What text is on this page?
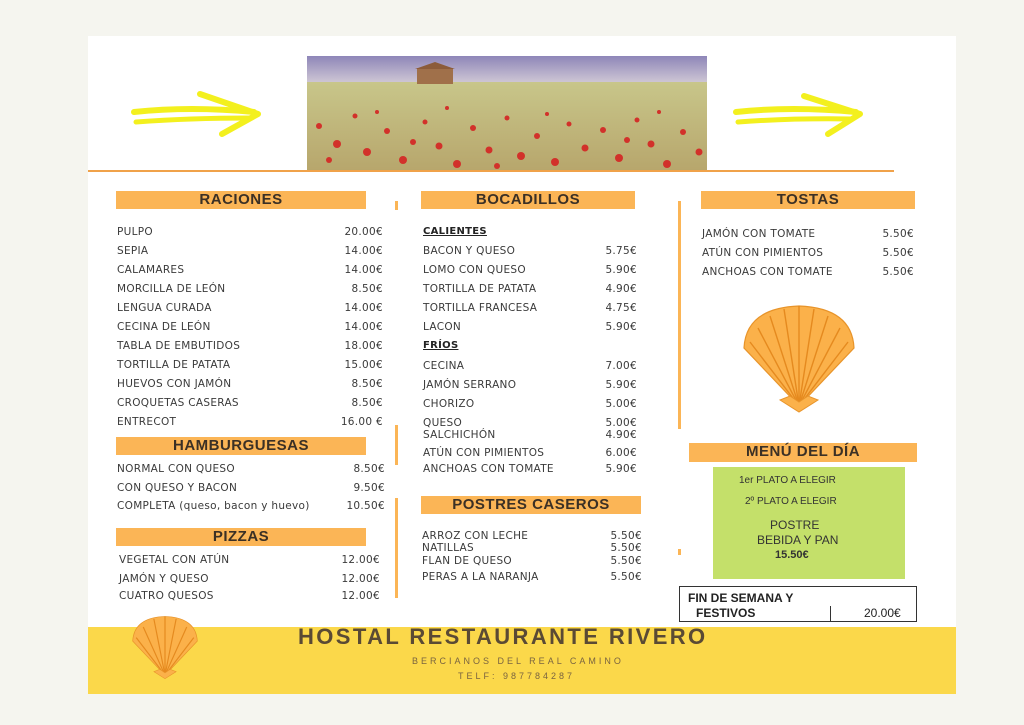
RACIONES
PULPO	20.00€
SEPIA	14.00€
CALAMARES	14.00€
MORCILLA DE LEÓN	8.50€
LENGUA CURADA	14.00€
CECINA DE LEÓN	14.00€
TABLA DE EMBUTIDOS	18.00€
TORTILLA DE PATATA	15.00€
HUEVOS CON JAMÓN	8.50€
CROQUETAS CASERAS	8.50€
ENTRECOT	16.00 €
HAMBURGUESAS
NORMAL CON QUESO	8.50€
CON QUESO Y BACON	9.50€
COMPLETA (queso, bacon y huevo)	10.50€
PIZZAS
VEGETAL CON ATÚN	12.00€
JAMÓN Y QUESO	12.00€
CUATRO QUESOS	12.00€
BOCADILLOS
CALIENTES
BACON Y QUESO	5.75€
LOMO CON QUESO	5.90€
TORTILLA DE PATATA	4.90€
TORTILLA FRANCESA	4.75€
LACON	5.90€
FRÍOS
CECINA	7.00€
JAMÓN SERRANO	5.90€
CHORIZO	5.00€
QUESO	5.00€
SALCHICHÓN	4.90€
ATÚN CON PIMIENTOS	6.00€
ANCHOAS CON TOMATE	5.90€
POSTRES CASEROS
ARROZ CON LECHE	5.50€
NATILLAS	5.50€
FLAN DE QUESO	5.50€
PERAS A LA NARANJA	5.50€
TOSTAS
JAMÓN CON TOMATE	5.50€
ATÚN CON PIMIENTOS	5.50€
ANCHOAS CON TOMATE	5.50€
MENÚ DEL DÍA
1er PLATO A ELEGIR
2º PLATO A ELEGIR
POSTRE
BEBIDA Y PAN
15.50€
FIN DE SEMANA Y
FESTIVOS	20.00€
HOSTAL RESTAURANTE RIVERO
BERCIANOS DEL REAL CAMINO
TELF: 987784287
